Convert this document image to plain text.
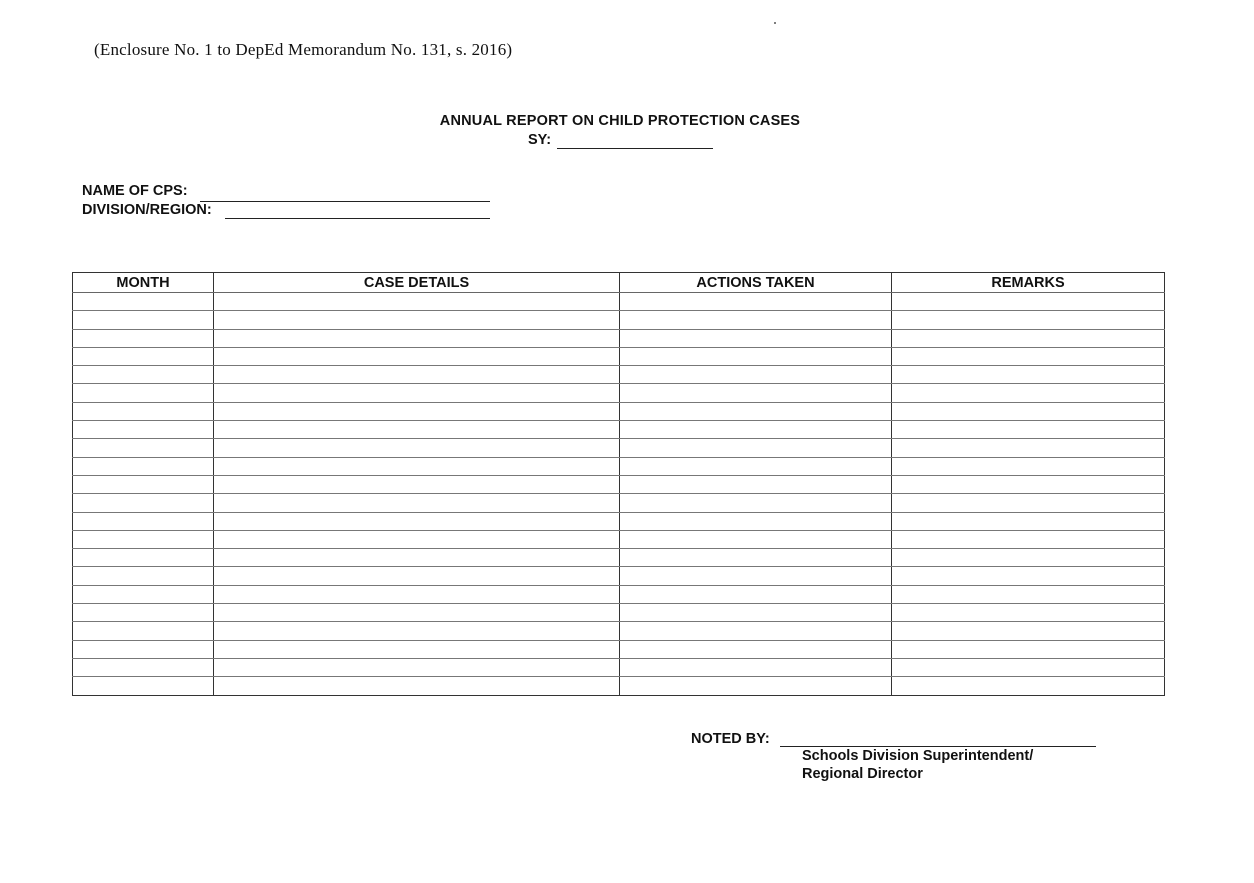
(Enclosure No. 1 to DepEd Memorandum No. 131, s. 2016)
ANNUAL REPORT ON CHILD PROTECTION CASES
SY:
NAME OF CPS:
DIVISION/REGION:
MONTH	CASE DETAILS	ACTIONS TAKEN	REMARKS

NOTED BY:
Schools Division Superintendent/
Regional Director
